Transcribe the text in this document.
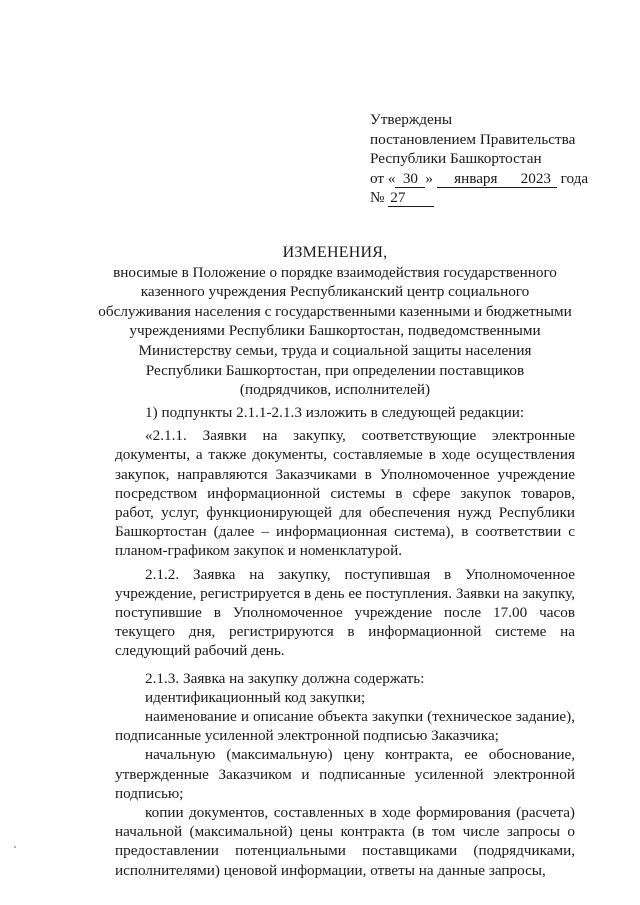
Утверждены
постановлением Правительства
Республики Башкортостан
от « 30 » января 2023 года
№ 27
ИЗМЕНЕНИЯ,
вносимые в Положение о порядке взаимодействия государственного
казенного учреждения Республиканский центр социального
обслуживания населения с государственными казенными и бюджетными
учреждениями Республики Башкортостан, подведомственными
Министерству семьи, труда и социальной защиты населения
Республики Башкортостан, при определении поставщиков
(подрядчиков, исполнителей)

1) подпункты 2.1.1-2.1.3 изложить в следующей редакции:

«2.1.1. Заявки на закупку, соответствующие электронные документы, а также документы, составляемые в ходе осуществления закупок, направляются Заказчиками в Уполномоченное учреждение посредством информационной системы в сфере закупок товаров, работ, услуг, функционирующей для обеспечения нужд Республики Башкортостан (далее – информационная система), в соответствии с планом-графиком закупок и номенклатурой.

2.1.2. Заявка на закупку, поступившая в Уполномоченное учреждение, регистрируется в день ее поступления. Заявки на закупку, поступившие в Уполномоченное учреждение после 17.00 часов текущего дня, регистрируются в информационной системе на следующий рабочий день.

2.1.3. Заявка на закупку должна содержать:

идентификационный код закупки;

наименование и описание объекта закупки (техническое задание), подписанные усиленной электронной подписью Заказчика;

начальную (максимальную) цену контракта, ее обоснование, утвержденные Заказчиком и подписанные усиленной электронной подписью;

копии документов, составленных в ходе формирования (расчета) начальной (максимальной) цены контракта (в том числе запросы о предоставлении потенциальными поставщиками (подрядчиками, исполнителями) ценовой информации, ответы на данные запросы,
